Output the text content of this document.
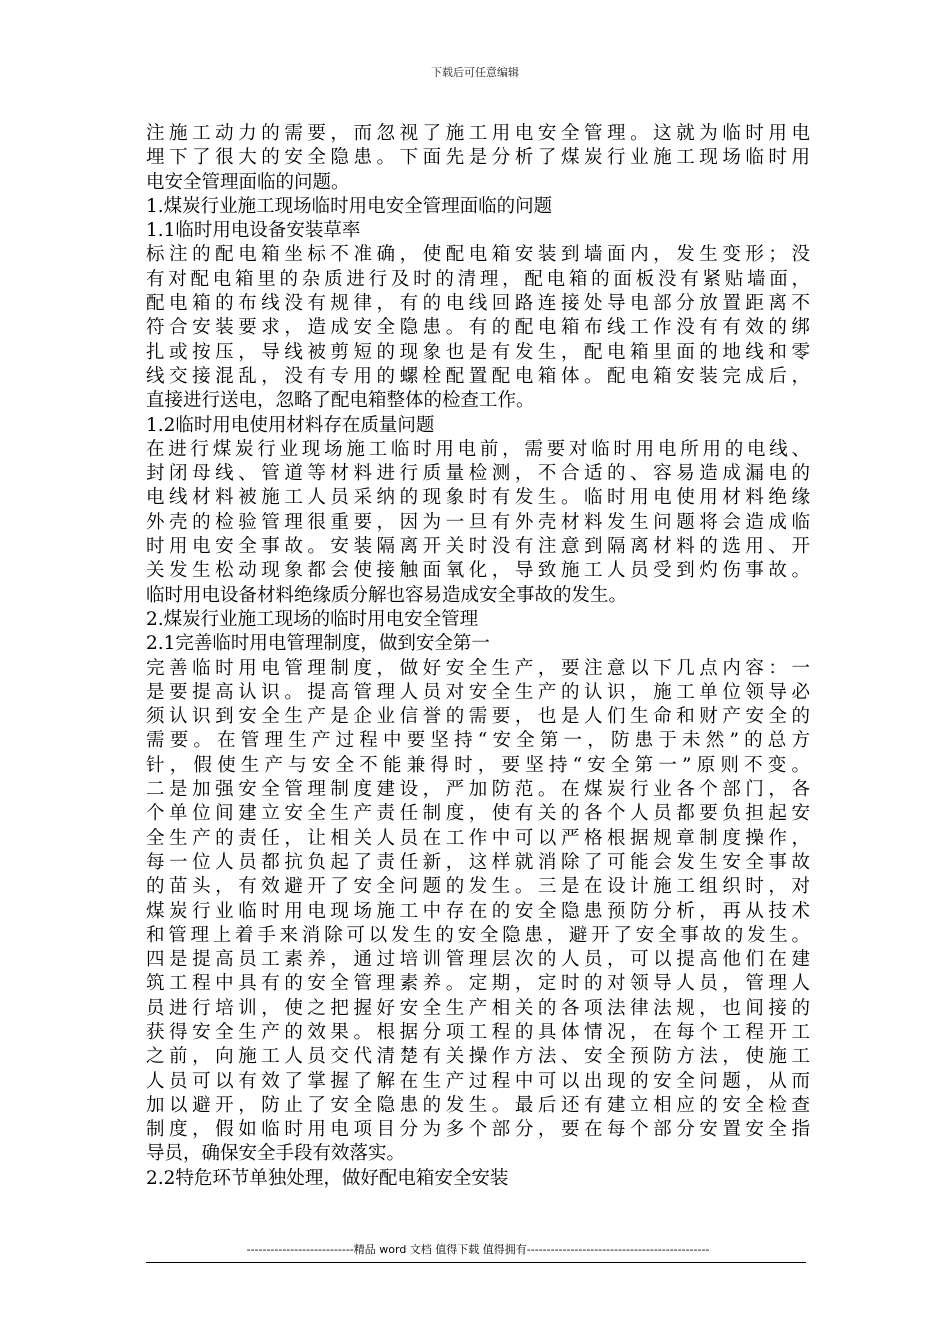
下载后可任意编辑
注施工动力的需要，而忽视了施工用电安全管理。这就为临时用电
埋下了很大的安全隐患。下面先是分析了煤炭行业施工现场临时用
电安全管理面临的问题。
1.煤炭行业施工现场临时用电安全管理面临的问题
1.1临时用电设备安装草率
标注的配电箱坐标不准确，使配电箱安装到墙面内，发生变形；没
有对配电箱里的杂质进行及时的清理，配电箱的面板没有紧贴墙面，
配电箱的布线没有规律，有的电线回路连接处导电部分放置距离不
符合安装要求，造成安全隐患。有的配电箱布线工作没有有效的绑
扎或按压，导线被剪短的现象也是有发生，配电箱里面的地线和零
线交接混乱，没有专用的螺栓配置配电箱体。配电箱安装完成后，
直接进行送电，忽略了配电箱整体的检查工作。
1.2临时用电使用材料存在质量问题
在进行煤炭行业现场施工临时用电前，需要对临时用电所用的电线、
封闭母线、管道等材料进行质量检测，不合适的、容易造成漏电的
电线材料被施工人员采纳的现象时有发生。临时用电使用材料绝缘
外壳的检验管理很重要，因为一旦有外壳材料发生问题将会造成临
时用电安全事故。安装隔离开关时没有注意到隔离材料的选用、开
关发生松动现象都会使接触面氧化，导致施工人员受到灼伤事故。
临时用电设备材料绝缘质分解也容易造成安全事故的发生。
2.煤炭行业施工现场的临时用电安全管理
2.1完善临时用电管理制度，做到安全第一
完善临时用电管理制度，做好安全生产，要注意以下几点内容：一
是要提高认识。提高管理人员对安全生产的认识，施工单位领导必
须认识到安全生产是企业信誉的需要，也是人们生命和财产安全的
需要。在管理生产过程中要坚持“安全第一，防患于未然”的总方
针，假使生产与安全不能兼得时，要坚持“安全第一”原则不变。
二是加强安全管理制度建设，严加防范。在煤炭行业各个部门，各
个单位间建立安全生产责任制度，使有关的各个人员都要负担起安
全生产的责任，让相关人员在工作中可以严格根据规章制度操作，
每一位人员都抗负起了责任新，这样就消除了可能会发生安全事故
的苗头，有效避开了安全问题的发生。三是在设计施工组织时，对
煤炭行业临时用电现场施工中存在的安全隐患预防分析，再从技术
和管理上着手来消除可以发生的安全隐患，避开了安全事故的发生。
四是提高员工素养，通过培训管理层次的人员，可以提高他们在建
筑工程中具有的安全管理素养。定期，定时的对领导人员，管理人
员进行培训，使之把握好安全生产相关的各项法律法规，也间接的
获得安全生产的效果。根据分项工程的具体情况，在每个工程开工
之前，向施工人员交代清楚有关操作方法、安全预防方法，使施工
人员可以有效了掌握了解在生产过程中可以出现的安全问题，从而
加以避开，防止了安全隐患的发生。最后还有建立相应的安全检查
制度，假如临时用电项目分为多个部分，要在每个部分安置安全指
导员，确保安全手段有效落实。
2.2特危环节单独处理，做好配电箱安全安装
---------------------------精品 word 文档 值得下载 值得拥有----------------------------------------------
